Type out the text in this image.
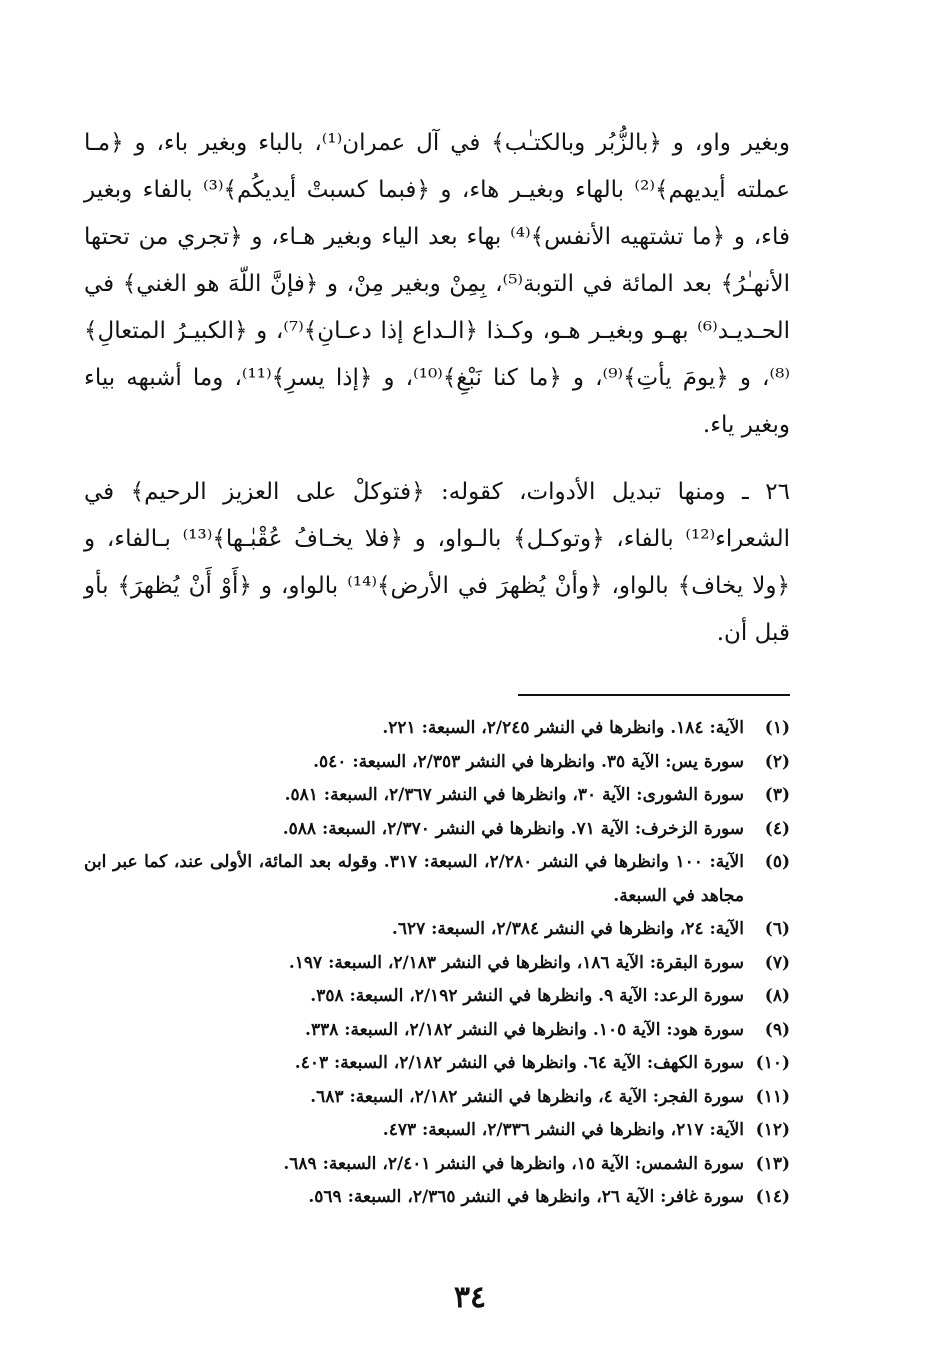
وبغير واو، و ﴿بالزُّبُر وبالكتـٰب﴾ في آل عمران⁽¹⁾، بالباء وبغير باء، و ﴿مـا عملته أيديهم﴾⁽²⁾ بالهاء وبغيـر هاء، و ﴿فبما كسبتْ أيديكُم﴾⁽³⁾ بالفاء وبغير فاء، و ﴿ما تشتهيه الأنفس﴾⁽⁴⁾ بهاء بعد الياء وبغير هـاء، و ﴿تجري من تحتها الأنهـٰرُ﴾ بعد المائة في التوبة⁽⁵⁾، بِمِنْ وبغير مِنْ، و ﴿فإنَّ اللّهَ هو الغني﴾ في الحـديـد⁽⁶⁾ بهـو وبغيـر هـو، وكـذا ﴿الـداع إذا دعـانِ﴾⁽⁷⁾، و ﴿الكبيـرُ المتعالِ﴾⁽⁸⁾، و ﴿يومَ يأتِ﴾⁽⁹⁾، و ﴿ما كنا نَبْغِ﴾⁽¹⁰⁾، و ﴿إذا يسرِ﴾⁽¹¹⁾، وما أشبهه بياء وبغير ياء.

٢٦ ـ ومنها تبديل الأدوات، كقوله: ﴿فتوكلْ على العزيز الرحيم﴾ في الشعراء⁽¹²⁾ بالفاء، ﴿وتوكـل﴾ بالـواو، و ﴿فلا يخـافُ عُقْبٰـها﴾⁽¹³⁾ بـالفاء، و ﴿ولا يخاف﴾ بالواو، ﴿وأنْ يُظهرَ في الأرض﴾⁽¹⁴⁾ بالواو، و ﴿أَوْ أَنْ يُظهرَ﴾ بأو قبل أن.

(١)
الآية: ١٨٤. وانظرها في النشر ٢/٢٤٥، السبعة: ٢٢١.
(٢)
سورة يس: الآية ٣٥. وانظرها في النشر ٢/٣٥٣، السبعة: ٥٤٠.
(٣)
سورة الشورى: الآية ٣٠، وانظرها في النشر ٢/٣٦٧، السبعة: ٥٨١.
(٤)
سورة الزخرف: الآية ٧١. وانظرها في النشر ٢/٣٧٠، السبعة: ٥٨٨.
(٥)
الآية: ١٠٠ وانظرها في النشر ٢/٢٨٠، السبعة: ٣١٧. وقوله بعد المائة، الأولى عند، كما عبر ابن مجاهد في السبعة.
(٦)
الآية: ٢٤، وانظرها في النشر ٢/٣٨٤، السبعة: ٦٢٧.
(٧)
سورة البقرة: الآية ١٨٦، وانظرها في النشر ٢/١٨٣، السبعة: ١٩٧.
(٨)
سورة الرعد: الآية ٩. وانظرها في النشر ٢/١٩٢، السبعة: ٣٥٨.
(٩)
سورة هود: الآية ١٠٥. وانظرها في النشر ٢/١٨٢، السبعة: ٣٣٨.
(١٠)
سورة الكهف: الآية ٦٤. وانظرها في النشر ٢/١٨٢، السبعة: ٤٠٣.
(١١)
سورة الفجر: الآية ٤، وانظرها في النشر ٢/١٨٢، السبعة: ٦٨٣.
(١٢)
الآية: ٢١٧، وانظرها في النشر ٢/٣٣٦، السبعة: ٤٧٣.
(١٣)
سورة الشمس: الآية ١٥، وانظرها في النشر ٢/٤٠١، السبعة: ٦٨٩.
(١٤)
سورة غافر: الآية ٢٦، وانظرها في النشر ٢/٣٦٥، السبعة: ٥٦٩.
٣٤
